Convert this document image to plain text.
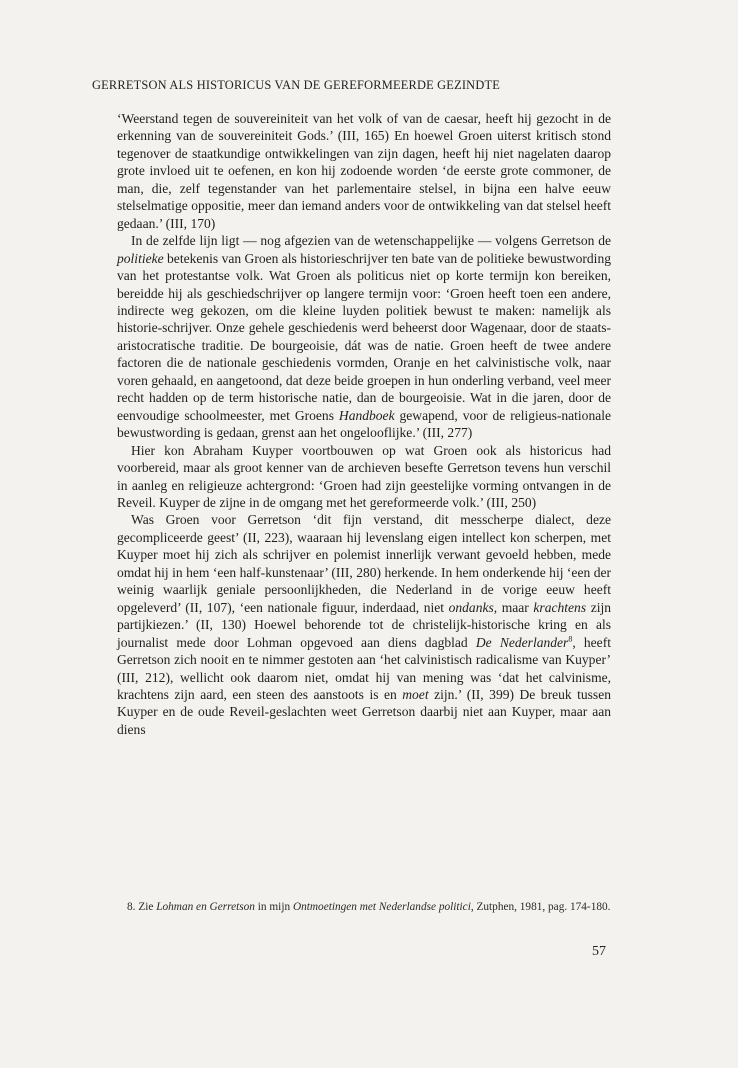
GERRETSON ALS HISTORICUS VAN DE GEREFORMEERDE GEZINDTE

‘Weerstand tegen de souvereiniteit van het volk of van de caesar, heeft hij gezocht in de erkenning van de souvereiniteit Gods.’ (III, 165) En hoewel Groen uiterst kritisch stond tegenover de staatkundige ontwikkelingen van zijn dagen, heeft hij niet nagelaten daarop grote invloed uit te oefenen, en kon hij zodoende worden ‘de eerste grote commoner, de man, die, zelf tegenstander van het parlementaire stelsel, in bijna een halve eeuw stelselmatige oppositie, meer dan iemand anders voor de ontwikkeling van dat stelsel heeft gedaan.’ (III, 170)

In de zelfde lijn ligt — nog afgezien van de wetenschappelijke — volgens Gerretson de politieke betekenis van Groen als historieschrijver ten bate van de politieke bewustwording van het protestantse volk. Wat Groen als politicus niet op korte termijn kon bereiken, bereidde hij als geschiedschrijver op langere termijn voor: ‘Groen heeft toen een andere, indirecte weg gekozen, om die kleine luyden politiek bewust te maken: namelijk als historie-schrijver. Onze gehele geschiedenis werd beheerst door Wagenaar, door de staats-aristocratische traditie. De bourgeoisie, dát was de natie. Groen heeft de twee andere factoren die de nationale geschiedenis vormden, Oranje en het calvinistische volk, naar voren gehaald, en aangetoond, dat deze beide groepen in hun onderling verband, veel meer recht hadden op de term historische natie, dan de bourgeoisie. Wat in die jaren, door de eenvoudige schoolmeester, met Groens Handboek gewapend, voor de religieus-nationale bewustwording is gedaan, grenst aan het ongelooflijke.’ (III, 277)

Hier kon Abraham Kuyper voortbouwen op wat Groen ook als historicus had voorbereid, maar als groot kenner van de archieven besefte Gerretson tevens hun verschil in aanleg en religieuze achtergrond: ‘Groen had zijn geestelijke vorming ontvangen in de Reveil. Kuyper de zijne in de omgang met het gereformeerde volk.’ (III, 250)

Was Groen voor Gerretson ‘dit fijn verstand, dit messcherpe dialect, deze gecompliceerde geest’ (II, 223), waaraan hij levenslang eigen intellect kon scherpen, met Kuyper moet hij zich als schrijver en polemist innerlijk verwant gevoeld hebben, mede omdat hij in hem ‘een half-kunstenaar’ (III, 280) herkende. In hem onderkende hij ‘een der weinig waarlijk geniale persoonlijkheden, die Nederland in de vorige eeuw heeft opgeleverd’ (II, 107), ‘een nationale figuur, inderdaad, niet ondanks, maar krachtens zijn partijkiezen.’ (II, 130) Hoewel behorende tot de christelijk-historische kring en als journalist mede door Lohman opgevoed aan diens dagblad De Nederlander$^8$, heeft Gerretson zich nooit en te nimmer gestoten aan ‘het calvinistisch radicalisme van Kuyper’ (III, 212), wellicht ook daarom niet, omdat hij van mening was ‘dat het calvinisme, krachtens zijn aard, een steen des aanstoots is en moet zijn.’ (II, 399) De breuk tussen Kuyper en de oude Reveil-geslachten weet Gerretson daarbij niet aan Kuyper, maar aan diens

8. Zie Lohman en Gerretson in mijn Ontmoetingen met Nederlandse politici, Zutphen, 1981, pag. 174-180.
57
